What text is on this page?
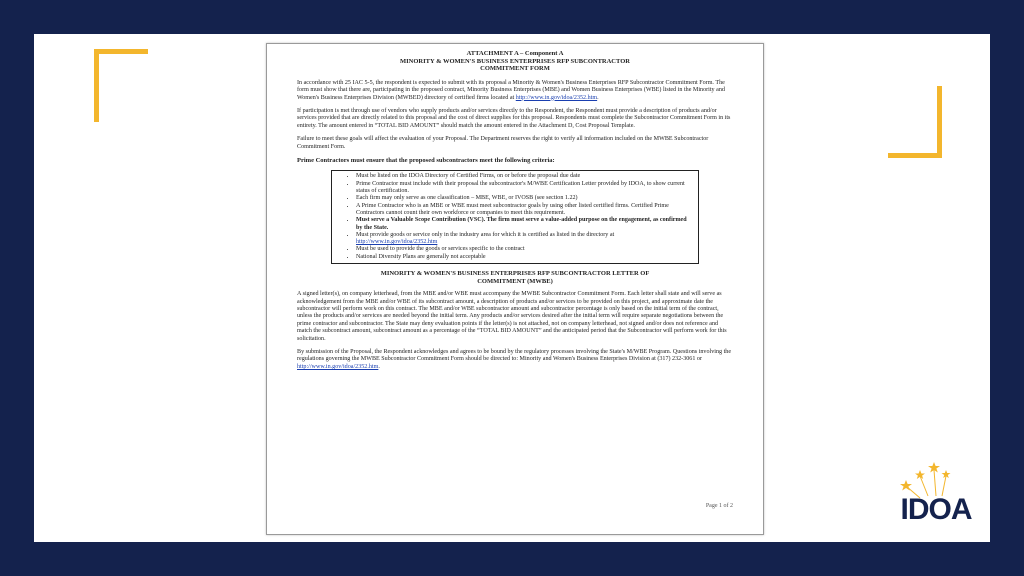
ATTACHMENT A – Component A
MINORITY & WOMEN'S BUSINESS ENTERPRISES RFP SUBCONTRACTOR
COMMITMENT FORM

In accordance with 25 IAC 5-5, the respondent is expected to submit with its proposal a Minority & Women's Business Enterprises RFP Subcontractor Commitment Form. The form must show that there are, participating in the proposed contract, Minority Business Enterprises (MBE) and Women Business Enterprises (WBE) listed in the Minority and Women's Business Enterprises Division (MWBED) directory of certified firms located at http://www.in.gov/idoa/2352.htm.

If participation is met through use of vendors who supply products and/or services directly to the Respondent, the Respondent must provide a description of products and/or services provided that are directly related to this proposal and the cost of direct supplies for this proposal. Respondents must complete the Subcontractor Commitment Form in its entirety. The amount entered in “TOTAL BID AMOUNT” should match the amount entered in the Attachment D, Cost Proposal Template.

Failure to meet these goals will affect the evaluation of your Proposal. The Department reserves the right to verify all information included on the MWBE Subcontractor Commitment Form.

Prime Contractors must ensure that the proposed subcontractors meet the following criteria:

• Must be listed on the IDOA Directory of Certified Firms, on or before the proposal due date
• Prime Contractor must include with their proposal the subcontractor's M/WBE Certification Letter provided by IDOA, to show current status of certification.
• Each firm may only serve as one classification – MBE, WBE, or IVOSB (see section 1.22)
• A Prime Contractor who is an MBE or WBE must meet subcontractor goals by using other listed certified firms. Certified Prime Contractors cannot count their own workforce or companies to meet this requirement.
• Must serve a Valuable Scope Contribution (VSC). The firm must serve a value-added purpose on the engagement, as confirmed by the State.
• Must provide goods or service only in the industry area for which it is certified as listed in the directory at http://www.in.gov/idoa/2352.htm
• Must be used to provide the goods or services specific to the contract
• National Diversity Plans are generally not acceptable
MINORITY & WOMEN'S BUSINESS ENTERPRISES RFP SUBCONTRACTOR LETTER OF
COMMITMENT (MWBE)

A signed letter(s), on company letterhead, from the MBE and/or WBE must accompany the MWBE Subcontractor Commitment Form. Each letter shall state and will serve as acknowledgement from the MBE and/or WBE of its subcontract amount, a description of products and/or services to be provided on this project, and approximate date the subcontractor will perform work on this contract. The MBE and/or WBE subcontractor amount and subcontractor percentage is only based on the initial term of the contract, unless the products and/or services are needed beyond the initial term. Any products and/or services desired after the initial term will require separate negotiations between the prime contractor and subcontractor. The State may deny evaluation points if the letter(s) is not attached, not on company letterhead, not signed and/or does not reference and match the subcontract amount, subcontract amount as a percentage of the “TOTAL BID AMOUNT” and the anticipated period that the Subcontractor will perform work for this solicitation.

By submission of the Proposal, the Respondent acknowledges and agrees to be bound by the regulatory processes involving the State's M/WBE Program. Questions involving the regulations governing the MWBE Subcontractor Commitment Form should be directed to: Minority and Women's Business Enterprises Division at (317) 232-3061 or http://www.in.gov/idoa/2352.htm.

Page 1 of 2	IDOA
